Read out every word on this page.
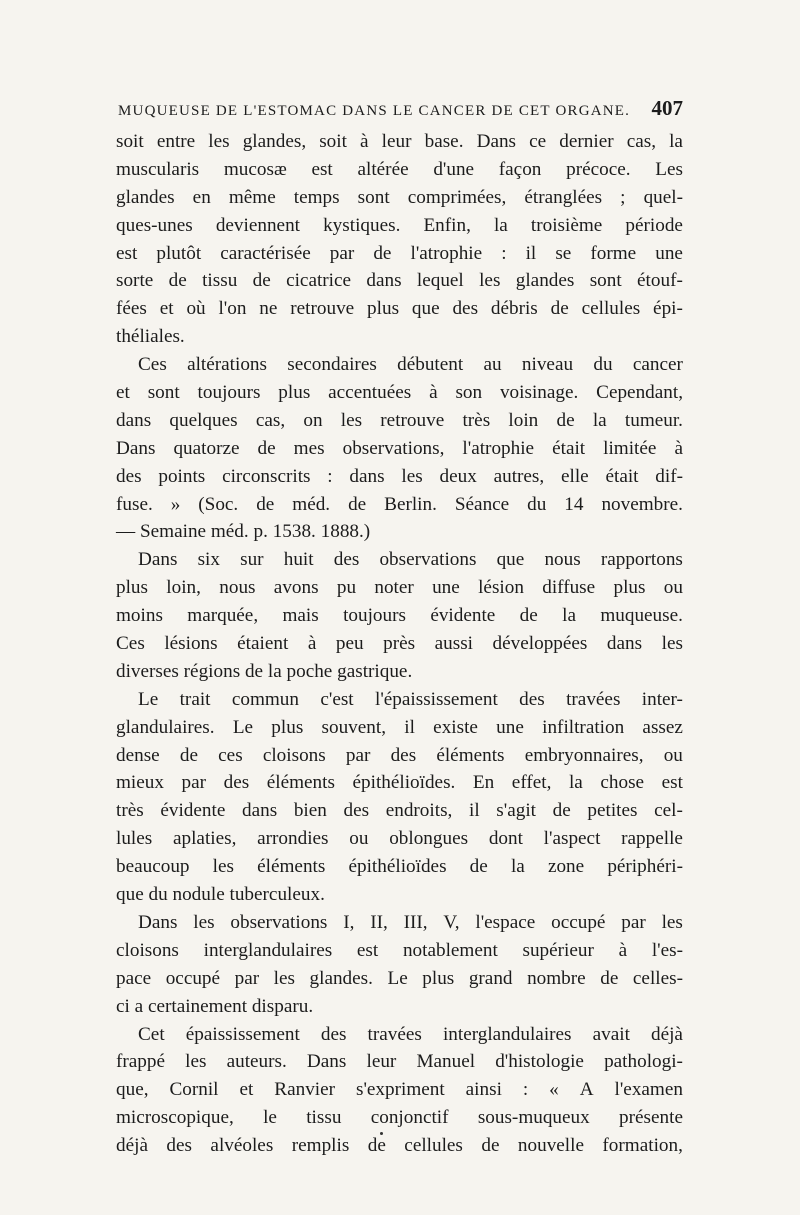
MUQUEUSE DE L'ESTOMAC DANS LE CANCER DE CET ORGANE. 407
soit entre les glandes, soit à leur base. Dans ce dernier cas, la
muscularis mucosæ est altérée d'une façon précoce. Les
glandes en même temps sont comprimées, étranglées ; quel-
ques-unes deviennent kystiques. Enfin, la troisième période
est plutôt caractérisée par de l'atrophie : il se forme une
sorte de tissu de cicatrice dans lequel les glandes sont étouf-
fées et où l'on ne retrouve plus que des débris de cellules épi-
théliales.
Ces altérations secondaires débutent au niveau du cancer
et sont toujours plus accentuées à son voisinage. Cependant,
dans quelques cas, on les retrouve très loin de la tumeur.
Dans quatorze de mes observations, l'atrophie était limitée à
des points circonscrits : dans les deux autres, elle était dif-
fuse. » (Soc. de méd. de Berlin. Séance du 14 novembre.
— Semaine méd. p. 1538. 1888.)
Dans six sur huit des observations que nous rapportons
plus loin, nous avons pu noter une lésion diffuse plus ou
moins marquée, mais toujours évidente de la muqueuse.
Ces lésions étaient à peu près aussi développées dans les
diverses régions de la poche gastrique.
Le trait commun c'est l'épaississement des travées inter-
glandulaires. Le plus souvent, il existe une infiltration assez
dense de ces cloisons par des éléments embryonnaires, ou
mieux par des éléments épithélioïdes. En effet, la chose est
très évidente dans bien des endroits, il s'agit de petites cel-
lules aplaties, arrondies ou oblongues dont l'aspect rappelle
beaucoup les éléments épithélioïdes de la zone périphéri-
que du nodule tuberculeux.
Dans les observations I, II, III, V, l'espace occupé par les
cloisons interglandulaires est notablement supérieur à l'es-
pace occupé par les glandes. Le plus grand nombre de celles-
ci a certainement disparu.
Cet épaississement des travées interglandulaires avait déjà
frappé les auteurs. Dans leur Manuel d'histologie pathologi-
que, Cornil et Ranvier s'expriment ainsi : « A l'examen
microscopique, le tissu conjonctif sous-muqueux présente
déjà des alvéoles remplis de cellules de nouvelle formation,
